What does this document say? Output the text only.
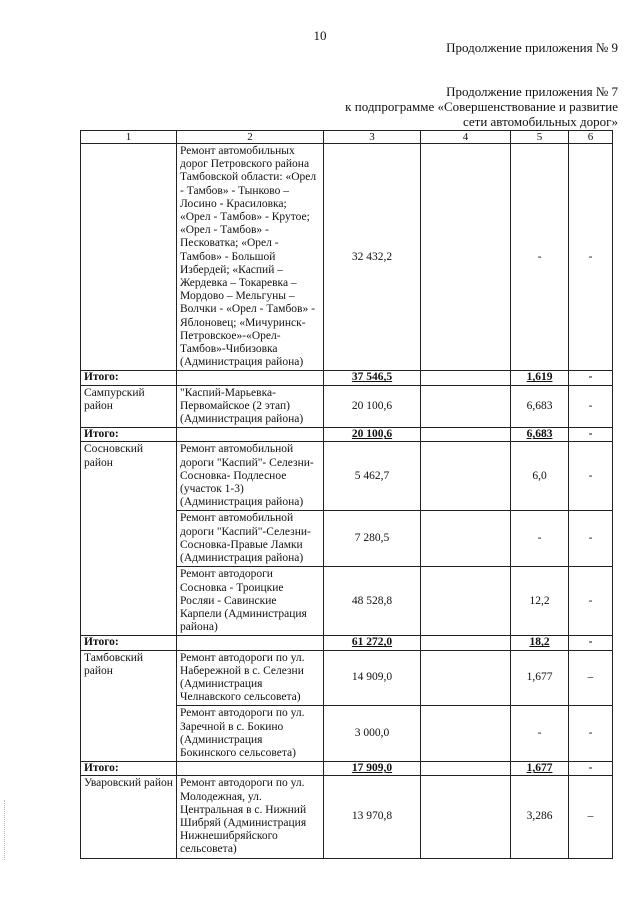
10
Продолжение приложения № 9
Продолжение приложения № 7
к подпрограмме «Совершенствование и развитие
сети автомобильных дорог»
1	2	3	4	5	6
	Ремонт автомобильных дорог Петровского района Тамбовской области: «Орел - Тамбов» - Тынково – Лосино - Красиловка; «Орел - Тамбов» - Крутое; «Орел - Тамбов» - Песковатка; «Орел - Тамбов» - Большой Избердей; «Каспий – Жердевка – Токаревка – Мордово – Мельгуны – Волчки - «Орел - Тамбов» - Яблоновец; «Мичуринск-Петровское»-«Орел-Тамбов»-Чибизовка (Администрация района)	32 432,2		-	-
Итого:		37 546,5		1,619	-
Сампурский район	"Каспий-Марьевка-Первомайское (2 этап) (Администрация района)	20 100,6		6,683	-
Итого:		20 100,6		6,683	-
Сосновский район	Ремонт автомобильной дороги "Каспий"- Селезни-Сосновка- Подлесное (участок 1-3) (Администрация района)	5 462,7		6,0	-
	Ремонт автомобильной дороги "Каспий"-Селезни-Сосновка-Правые Ламки (Администрация района)	7 280,5		-	-
	Ремонт автодороги Сосновка - Троицкие Росляи - Савинские Карпели (Администрация района)	48 528,8		12,2	-
Итого:		61 272,0		18,2	-
Тамбовский район	Ремонт автодороги по ул. Набережной в с. Селезни (Администрация Челнавского сельсовета)	14 909,0		1,677	–
	Ремонт автодороги по ул. Заречной в с. Бокино (Администрация Бокинского сельсовета)	3 000,0		-	-
Итого:		17 909,0		1,677	-
Уваровский район	Ремонт автодороги по ул. Молодежная, ул. Центральная в с. Нижний Шибряй (Администрация Нижнешибряйского сельсовета)	13 970,8		3,286	–
